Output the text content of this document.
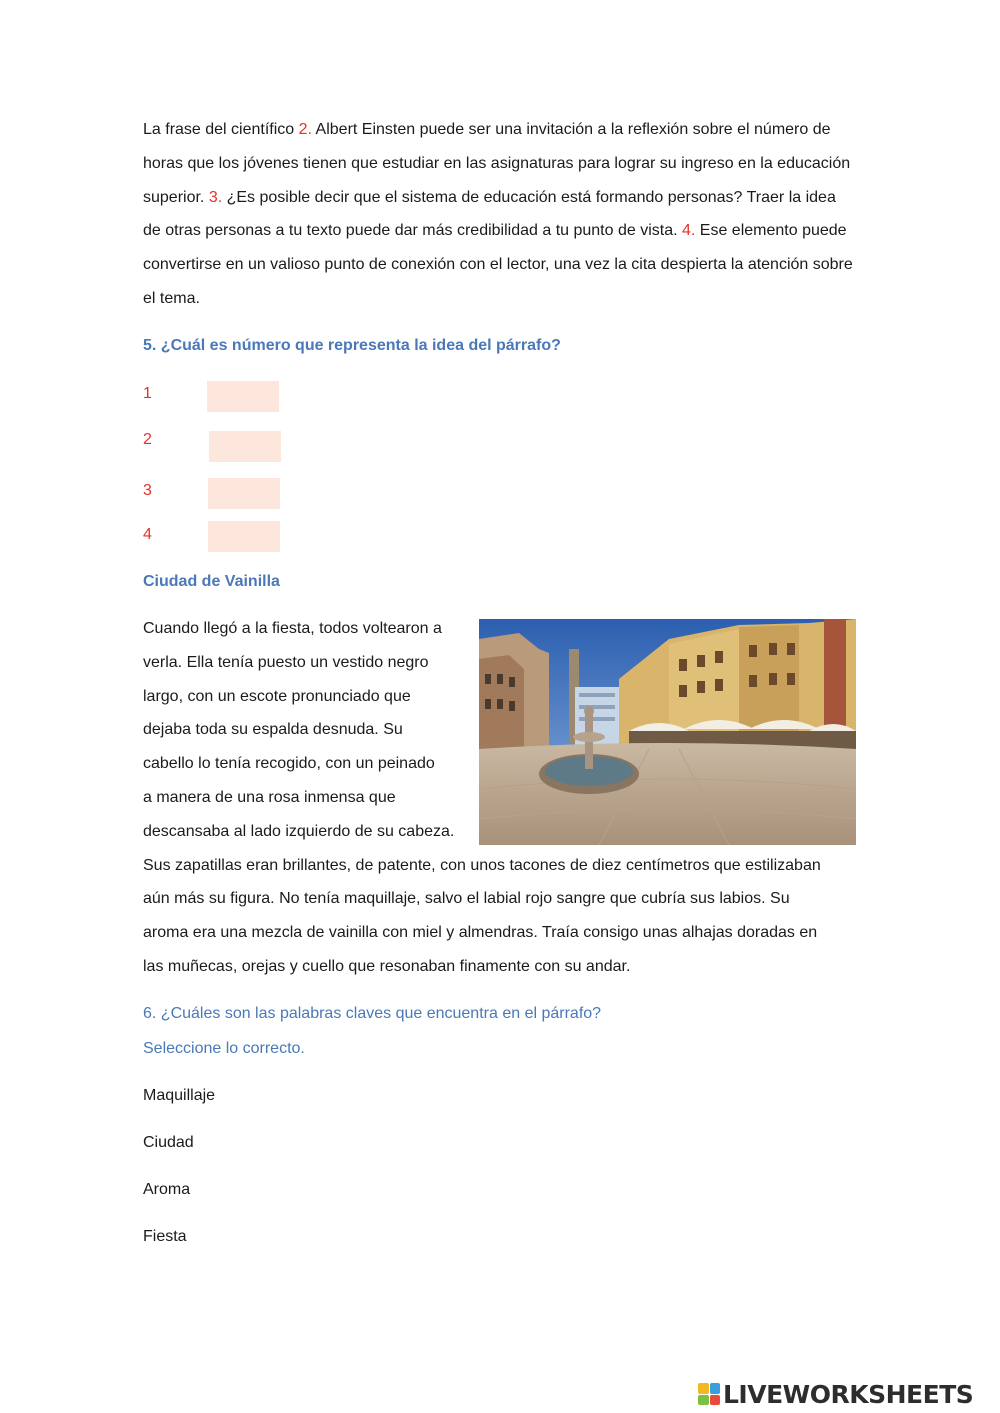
La frase del científico 2. Albert Einsten puede ser una invitación a la reflexión sobre el número de horas que los jóvenes tienen que estudiar en las asignaturas para lograr su ingreso en la educación superior. 3. ¿Es posible decir que el sistema de educación está formando personas? Traer la idea de otras personas a tu texto puede dar más credibilidad a tu punto de vista. 4. Ese elemento puede convertirse en un valioso punto de conexión con el lector, una vez la cita despierta la atención sobre el tema.

5. ¿Cuál es número que representa la idea del párrafo?

1
2
3
4

Ciudad de Vainilla

Cuando llegó a la fiesta, todos voltearon a

verla. Ella tenía puesto un vestido negro

largo, con un escote pronunciado que

dejaba toda su espalda desnuda. Su

cabello lo tenía recogido, con un peinado

a manera de una rosa inmensa que

descansaba al lado izquierdo de su cabeza.

Sus zapatillas eran brillantes, de patente, con unos tacones de diez centímetros que estilizaban

aún más su figura. No tenía maquillaje, salvo el labial rojo sangre que cubría sus labios. Su

aroma era una mezcla de vainilla con miel y almendras. Traía consigo unas alhajas doradas en

las muñecas, orejas y cuello que resonaban finamente con su andar.

6. ¿Cuáles son las palabras claves que encuentra en el párrafo?

Seleccione lo correcto.

Maquillaje

Ciudad

Aroma

Fiesta

LIVEWORKSHEETS
